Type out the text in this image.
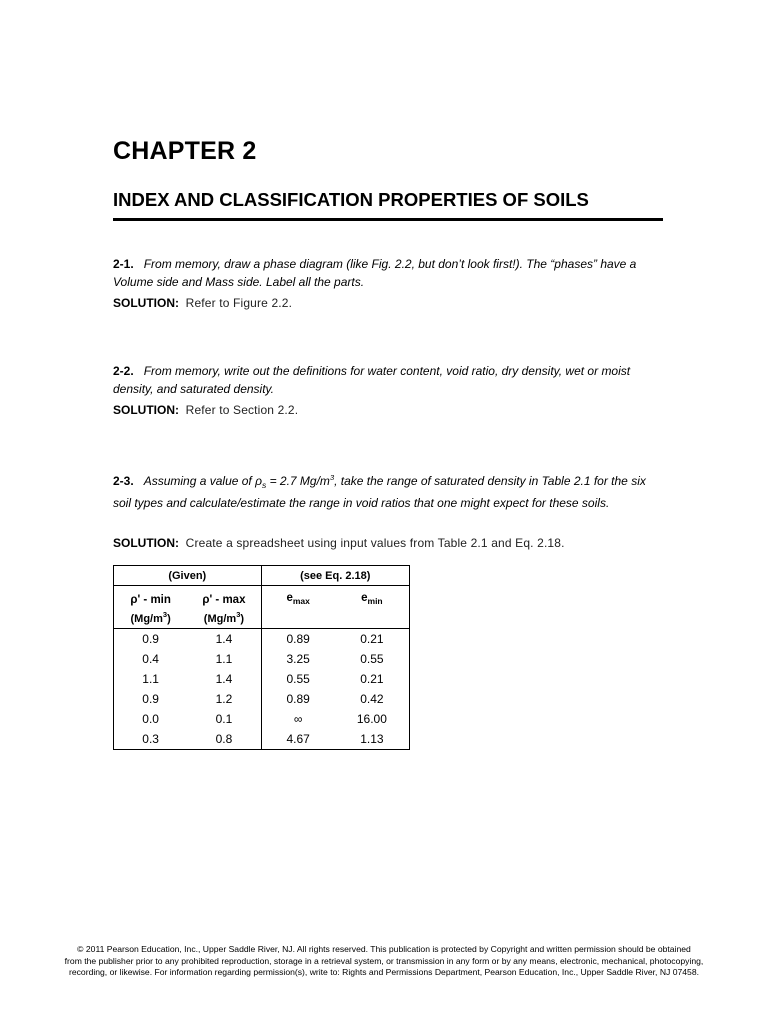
CHAPTER 2
INDEX AND CLASSIFICATION PROPERTIES OF SOILS
2-1. From memory, draw a phase diagram (like Fig. 2.2, but don’t look first!). The “phases” have a Volume side and Mass side. Label all the parts.
SOLUTION: Refer to Figure 2.2.
2-2. From memory, write out the definitions for water content, void ratio, dry density, wet or moist density, and saturated density.
SOLUTION: Refer to Section 2.2.
2-3. Assuming a value of $\rho_s = 2.7$ $Mg/m^3$, take the range of saturated density in Table 2.1 for the six soil types and calculate/estimate the range in void ratios that one might expect for these soils.
SOLUTION: Create a spreadsheet using input values from Table 2.1 and Eq. 2.18.
(Given)		(see Eq. 2.18)	
ρ' - min	ρ' - max	$e_{max}$	$e_{min}$
$(Mg/m^3)$	$(Mg/m^3)$		
0.9	1.4	0.89	0.21
0.4	1.1	3.25	0.55
1.1	1.4	0.55	0.21
0.9	1.2	0.89	0.42
0.0	0.1	∞	16.00
0.3	0.8	4.67	1.13
© 2011 Pearson Education, Inc., Upper Saddle River, NJ. All rights reserved. This publication is protected by Copyright and written permission should be obtained
from the publisher prior to any prohibited reproduction, storage in a retrieval system, or transmission in any form or by any means, electronic, mechanical, photocopying,
recording, or likewise. For information regarding permission(s), write to: Rights and Permissions Department, Pearson Education, Inc., Upper Saddle River, NJ 07458.
